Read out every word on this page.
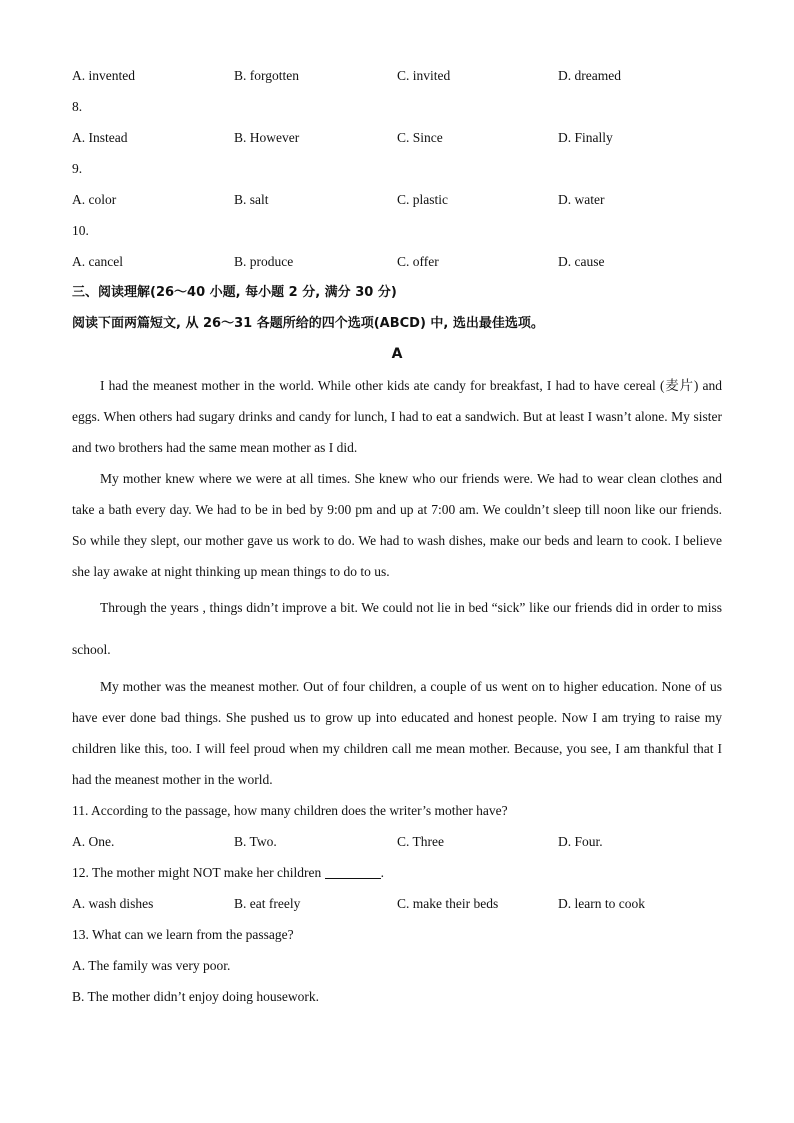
A. invented	B. forgotten	C. invited	D. dreamed
8.
A. Instead	B. However	C. Since	D. Finally
9.
A. color	B. salt	C. plastic	D. water
10.
A. cancel	B. produce	C. offer	D. cause
三、阅读理解(26～40 小题, 每小题 2 分, 满分 30 分)
阅读下面两篇短文, 从 26～31 各题所给的四个选项(ABCD) 中, 选出最佳选项。
A

I had the meanest mother in the world. While other kids ate candy for breakfast, I had to have cereal (麦片) and eggs. When others had sugary drinks and candy for lunch, I had to eat a sandwich. But at least I wasn’t alone. My sister and two brothers had the same mean mother as I did.

My mother knew where we were at all times. She knew who our friends were. We had to wear clean clothes and take a bath every day. We had to be in bed by 9:00 pm and up at 7:00 am. We couldn’t sleep till noon like our friends. So while they slept, our mother gave us work to do. We had to wash dishes, make our beds and learn to cook. I believe she lay awake at night thinking up mean things to do to us.

Through the years , things didn’t improve a bit. We could not lie in bed “sick” like our friends did in order to miss school.

My mother was the meanest mother. Out of four children, a couple of us went on to higher education. None of us have ever done bad things. She pushed us to grow up into educated and honest people. Now I am trying to raise my children like this, too. I will feel proud when my children call me mean mother. Because, you see, I am thankful that I had the meanest mother in the world.

11. According to the passage, how many children does the writer’s mother have?
A. One.	B. Two.	C. Three	D. Four.
12. The mother might NOT make her children	.
A. wash dishes	B. eat freely	C. make their beds	D. learn to cook
13. What can we learn from the passage?
A. The family was very poor.
B. The mother didn’t enjoy doing housework.
